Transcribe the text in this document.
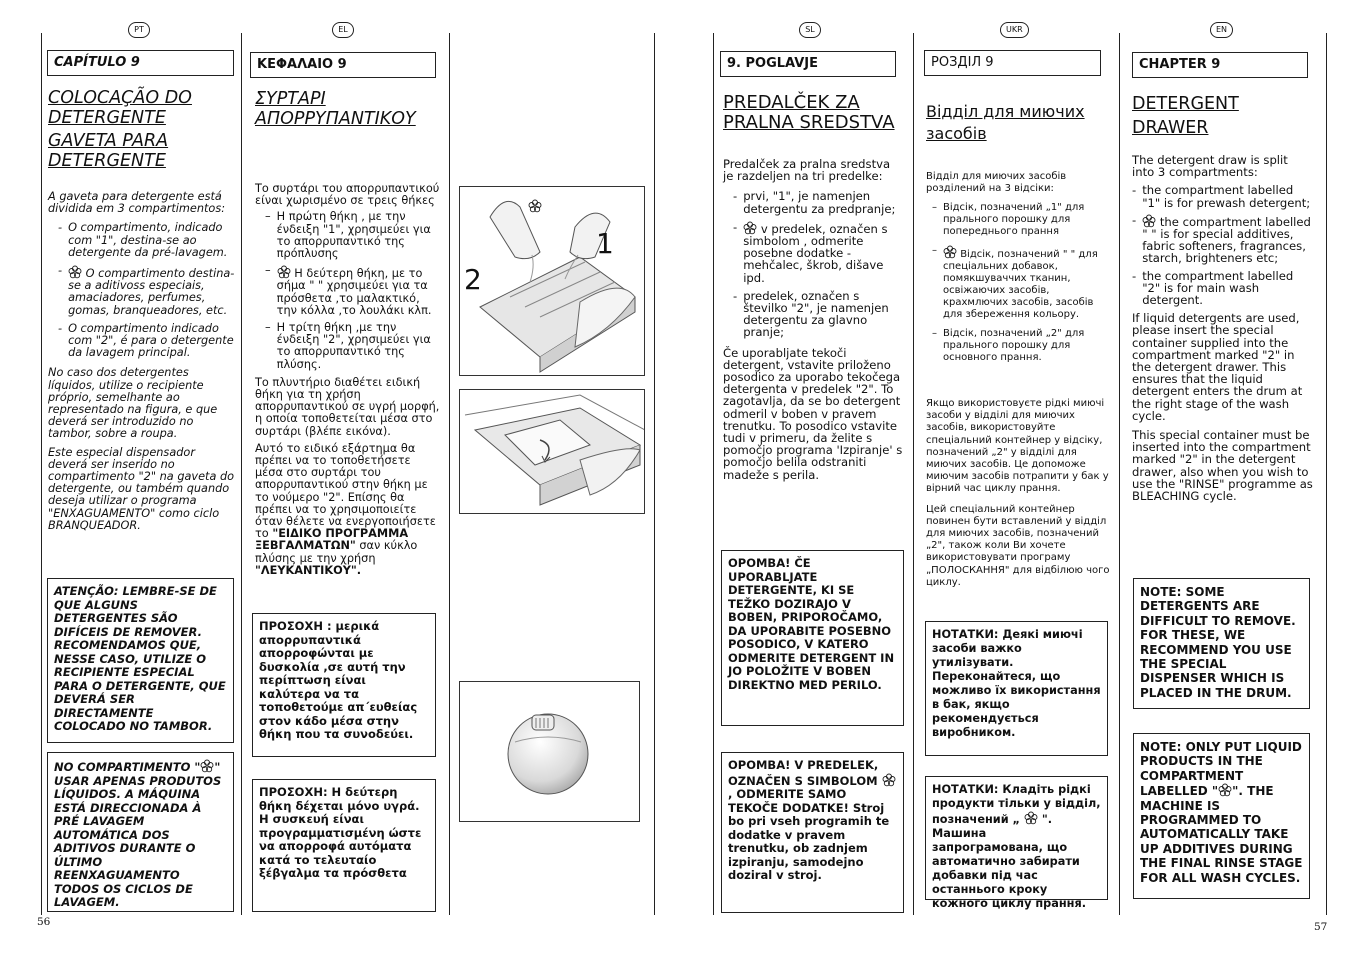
PT	EL	SL	UKR	EN
CAPÍTULO 9
COLOCAÇÃO DO DETERGENTE
GAVETA PARA DETERGENTE
A gaveta para detergente está dividida em 3 compartimentos:
- O compartimento, indicado com "1", destina-se ao detergente da pré-lavagem.
-	O compartimento destina-se a aditivoss especiais, amaciadores, perfumes, gomas, branqueadores, etc.
- O compartimento indicado com "2", é para o detergente da lavagem principal.
No caso dos detergentes líquidos, utilize o recipiente próprio, semelhante ao representado na figura, e que deverá ser introduzido no tambor, sobre a roupa.
Este especial dispensador deverá ser inserido no compartimento "2" na gaveta do detergente, ou também quando deseja utilizar o programa "ENXAGUAMENTO" como ciclo BRANQUEADOR.
ATENÇÃO: LEMBRE-SE DE QUE ALGUNS DETERGENTES SÃO DIFÍCEIS DE REMOVER. RECOMENDAMOS QUE, NESSE CASO, UTILIZE O RECIPIENTE ESPECIAL PARA O DETERGENTE, QUE DEVERÁ SER DIRECTAMENTE COLOCADO NO TAMBOR.
NO COMPARTIMENTO " " USAR APENAS PRODUTOS LÍQUIDOS. A MÁQUINA ESTÁ DIRECCIONADA À PRÉ LAVAGEM AUTOMÁTICA DOS ADITIVOS DURANTE O ÚLTIMO REENXAGUAMENTO TODOS OS CICLOS DE LAVAGEM.
ΚΕΦΑΛΑΙΟ 9
ΣΥΡΤΑΡΙ ΑΠΟΡΡΥΠΑΝΤΙΚΟΥ
Το συρτάρι του απορρυπαντικού είναι χωρισμένο σε τρεις θήκες
– Η πρώτη θήκη , με την ένδειξη "1", χρησιμεύει για το απορρυπαντικό της πρόπλυσης
–	Η δεύτερη θήκη, με το σήμα " " χρησιμεύει για τα πρόσθετα ,το μαλακτικό, την κόλλα ,το λουλάκι κλπ.
– Η τρίτη θήκη ,με την ένδειξη "2", χρησιμεύει για το απορρυπαντικό της πλύσης.
Το πλυντήριο διαθέτει ειδική θήκη για τη χρήση απορρυπαντικού σε υγρή μορφή, η οποία τοποθετείται μέσα στο συρτάρι (βλέπε εικόνα).
Αυτό το ειδικό εξάρτημα θα πρέπει να το τοποθετήσετε μέσα στο συρτάρι του απορρυπαντικού στην θήκη με το νούμερο "2". Επίσης θα πρέπει να το χρησιμοποιείτε όταν θέλετε να ενεργοποιήσετε το "ΕΙΔΙΚΟ ΠΡΟΓΡΑΜΜΑ ΞΕΒΓΑΛΜΑΤΩΝ" σαν κύκλο πλύσης με την χρήση "ΛΕΥΚΑΝΤΙΚΟΥ".
ΠΡΟΣΟΧΗ : μερικά απορρυπαντικά απορροφώνται με δυσκολία ,σε αυτή την περίπτωση είναι καλύτερα να τα τοποθετούμε απ΄ευθείας στον κάδο μέσα στην θήκη που τα συνοδεύει.
ΠΡΟΣΟΧΗ: Η δεύτερη θήκη δέχεται μόνο υγρά. Η συσκευή είναι προγραμματισμένη ώστε να απορροφά αυτόματα κατά το τελευταίο ξέβγαλμα τα πρόσθετα
1
2
9. POGLAVJE
PREDALČEK ZA PRALNA SREDSTVA
Predalček za pralna sredstva je razdeljen na tri predelke:
- prvi, "1", je namenjen detergentu za predpranje;
-	v predelek, označen s simbolom , odmerite posebne dodatke - mehčalec, škrob, dišave ipd.
- predelek, označen s številko "2", je namenjen detergentu za glavno pranje;
Če uporabljate tekoči detergent, vstavite priloženo posodico za uporabo tekočega detergenta v predelek "2". To zagotavlja, da se bo detergent odmeril v boben v pravem trenutku. To posodico vstavite tudi v primeru, da želite s pomočjo programa 'Izpiranje' s pomočjo belila odstraniti madeže s perila.
OPOMBA! ČE UPORABLJATE DETERGENTE, KI SE TEŽKO DOZIRAJO V BOBEN, PRIPOROČAMO, DA UPORABITE POSEBNO POSODICO, V KATERO ODMERITE DETERGENT IN JO POLOŽITE V BOBEN DIREKTNO MED PERILO.
OPOMBA! V PREDELEK, OZNAČEN S SIMBOLOM , ODMERITE SAMO TEKOČE DODATKE! Stroj bo pri vseh programih te dodatke v pravem trenutku, ob zadnjem izpiranju, samodejno doziral v stroj.
РОЗДІЛ 9
Відділ для миючих засобів
Відділ для миючих засобів розділений на 3 відсіки:
– Відсік, позначений „1" для пральнoго порошку для попереднього прання
–	Відсік, позначений " " для спеціальних добавок, помякшуваччих тканин, освіжаючих засобів, крахмлючих засобів, засобів для збереження кольору.
– Відсік, позначений „2" для пральнoго порошку для основного прання.
Якщо використовуєте рідкі миючі засоби у відділі для миючих засобів, використовуйте спеціальний контейнер у відсіку, позначений „2" у відділі для миючих засобів. Це допоможе миючим засобів потрапити у бак у вірний час циклу прання.
Цей спеціальний контейнер повинен бути вставлений у відділ для миючих засобів, позначений „2", також коли Ви хочете використовувати програму „ПОЛОСКАННЯ" для відбілюю чого циклу.
НОТАТКИ: Деякі миючі засоби важко утилізувати. Переконайтеся, що можливо їх використання в бак, якщо рекомендується виробником.
НОТАТКИ: Кладіть рідкі продукти тільки у відділ, позначений „  ". Машина запрограмована, що автоматично забирати добавки під час останнього кроку кожного циклу прання.
CHAPTER 9
DETERGENT DRAWER
The detergent draw is split into 3 compartments:
- the compartment labelled "1" is for prewash detergent;
-	the compartment labelled " " is for special additives, fabric softeners, fragrances, starch, brighteners etc;
- the compartment labelled "2" is for main wash detergent.
If liquid detergents are used, please insert the special container supplied into the compartment marked "2" in the detergent drawer. This ensures that the liquid detergent enters the drum at the right stage of the wash cycle.
This special container must be inserted into the compartment marked "2" in the detergent drawer, also when you wish to use the "RINSE" programme as BLEACHING cycle.
NOTE: SOME DETERGENTS ARE DIFFICULT TO REMOVE. FOR THESE, WE RECOMMEND YOU USE THE SPECIAL DISPENSER WHICH IS PLACED IN THE DRUM.
NOTE: ONLY PUT LIQUID PRODUCTS IN THE COMPARTMENT LABELLED " ". THE MACHINE IS PROGRAMMED TO AUTOMATICALLY TAKE UP ADDITIVES DURING THE FINAL RINSE STAGE FOR ALL WASH CYCLES.
56	57
